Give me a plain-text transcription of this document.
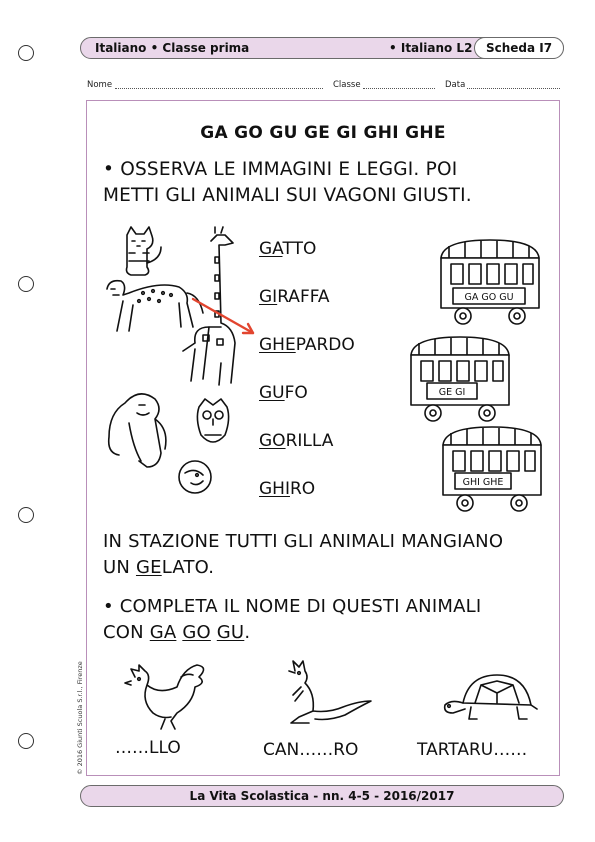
Italiano • Classe prima	• Italiano L2	Scheda I7
Nome	Classe	Data
GA GO GU GE GI GHI GHE
• OSSERVA LE IMMAGINI E LEGGI. POI
METTI GLI ANIMALI SUI VAGONI GIUSTI.
GATTO
GIRAFFA
GHEPARDO
GUFO
GORILLA
GHIRO
GA GO GU
GE GI
GHI GHE
IN STAZIONE TUTTI GLI ANIMALI MANGIANO
UN GELATO.
• COMPLETA IL NOME DI QUESTI ANIMALI
CON GA GO GU.
……LLO	CAN……RO	TARTARU……
© 2016 Giunti Scuola S.r.l., Firenze
La Vita Scolastica - nn. 4-5 - 2016/2017
